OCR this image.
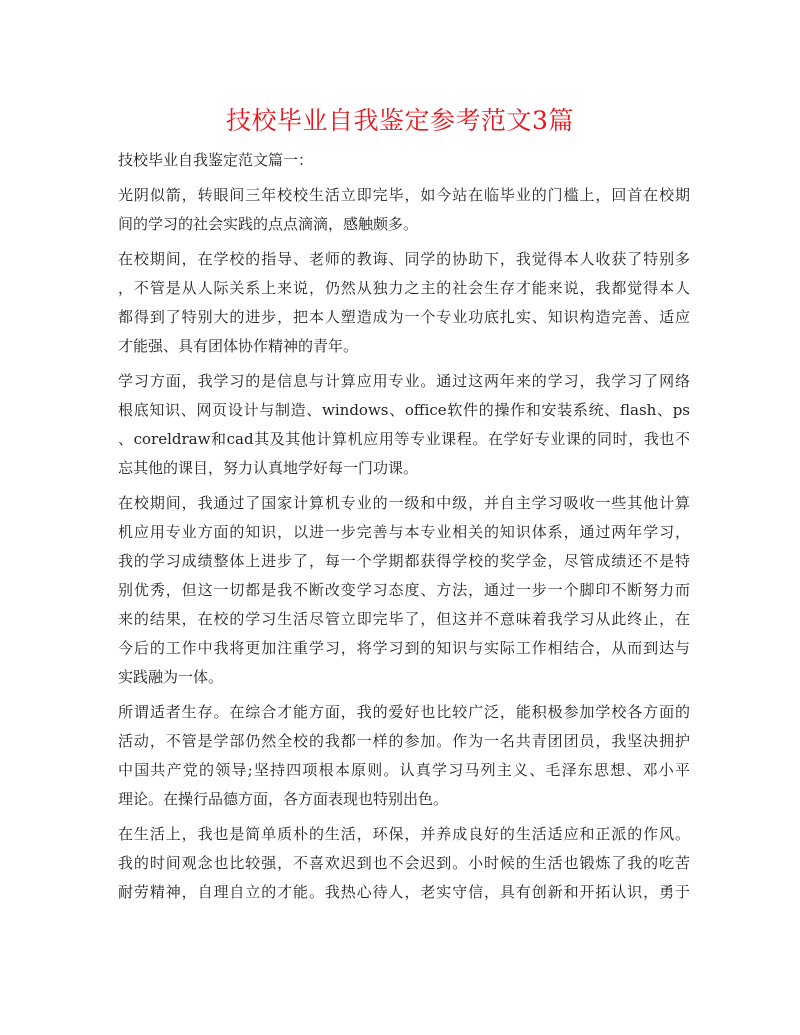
技校毕业自我鉴定参考范文3篇
技校毕业自我鉴定范文篇一：
光阴似箭，转眼间三年校校生活立即完毕，如今站在临毕业的门槛上，回首在校期
间的学习的社会实践的点点滴滴，感触颇多。
在校期间，在学校的指导、老师的教诲、同学的协助下，我觉得本人收获了特别多
，不管是从人际关系上来说，仍然从独力之主的社会生存才能来说，我都觉得本人
都得到了特别大的进步，把本人塑造成为一个专业功底扎实、知识构造完善、适应
才能强、具有团体协作精神的青年。
学习方面，我学习的是信息与计算应用专业。通过这两年来的学习，我学习了网络
根底知识、网页设计与制造、windows、office软件的操作和安装系统、flash、ps
、coreldraw和cad其及其他计算机应用等专业课程。在学好专业课的同时，我也不
忘其他的课目，努力认真地学好每一门功课。
在校期间，我通过了国家计算机专业的一级和中级，并自主学习吸收一些其他计算
机应用专业方面的知识，以进一步完善与本专业相关的知识体系，通过两年学习，
我的学习成绩整体上进步了，每一个学期都获得学校的奖学金，尽管成绩还不是特
别优秀，但这一切都是我不断改变学习态度、方法，通过一步一个脚印不断努力而
来的结果，在校的学习生活尽管立即完毕了，但这并不意味着我学习从此终止，在
今后的工作中我将更加注重学习，将学习到的知识与实际工作相结合，从而到达与
实践融为一体。
所谓适者生存。在综合才能方面，我的爱好也比较广泛，能积极参加学校各方面的
活动，不管是学部仍然全校的我都一样的参加。作为一名共青团团员，我坚决拥护
中国共产党的领导;坚持四项根本原则。认真学习马列主义、毛泽东思想、邓小平
理论。在操行品德方面，各方面表现也特别出色。
在生活上，我也是简单质朴的生活，环保，并养成良好的生活适应和正派的作风。
我的时间观念也比较强，不喜欢迟到也不会迟到。小时候的生活也锻炼了我的吃苦
耐劳精神，自理自立的才能。我热心待人，老实守信，具有创新和开拓认识，勇于
